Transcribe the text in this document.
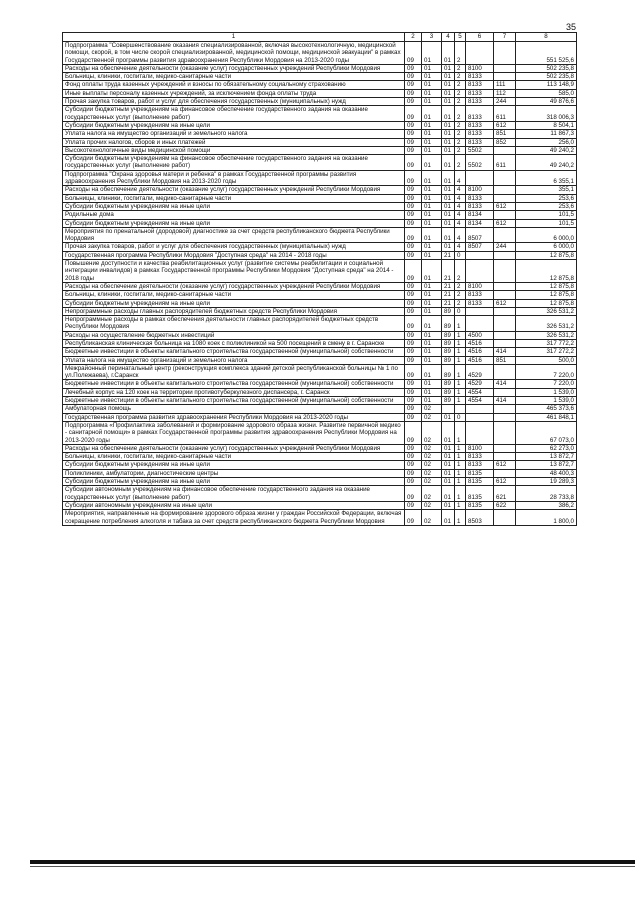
35
1	2	3	4	5	6	7	8
Подпрограмма "Совершенствование оказания специализированной, включая высокотехнологичную, медицинской помощи, скорой, в том числе скорой специализированной, медицинской помощи, медицинской эвакуации" в рамках Государственной программы развития здравоохранения Республики Мордовия на 2013-2020 годы	09	01	01	2			551 525,6
Расходы на обеспечение деятельности (оказание услуг) государственных учреждений Республики Мордовия	09	01	01	2	8100		502 235,8
Больницы, клиники, госпитали, медико-санитарные части	09	01	01	2	8133		502 235,8
Фонд оплаты труда казенных учреждений и взносы по обязательному социальному страхованию	09	01	01	2	8133	111	113 148,9
Иные выплаты персоналу казенных учреждений, за исключением фонда оплаты труда	09	01	01	2	8133	112	585,0
Прочая закупка товаров, работ и услуг для обеспечения государственных (муниципальных) нужд	09	01	01	2	8133	244	49 876,6
Субсидии бюджетным учреждениям на финансовое обеспечение государственного задания на оказание государственных услуг (выполнение работ)	09	01	01	2	8133	611	318 006,3
Субсидии бюджетным учреждениям на иные цели	09	01	01	2	8133	612	8 504,1
Уплата налога на имущество организаций и земельного налога	09	01	01	2	8133	851	11 867,3
Уплата прочих налогов, сборов и иных платежей	09	01	01	2	8133	852	256,0
Высокотехнологичные виды медицинской помощи	09	01	01	2	5502		49 240,2
Субсидии бюджетным учреждениям на финансовое обеспечение государственного задания на оказание государственных услуг (выполнение работ)	09	01	01	2	5502	611	49 240,2
Подпрограмма "Охрана здоровья матери и ребенка" в рамках Государственной программы развития здравоохранения Республики Мордовия на 2013-2020 годы	09	01	01	4			6 355,1
Расходы на обеспечение деятельности (оказание услуг) государственных учреждений Республики Мордовия	09	01	01	4	8100		355,1
Больницы, клиники, госпитали, медико-санитарные части	09	01	01	4	8133		253,6
Субсидии бюджетным учреждениям на иные цели	09	01	01	4	8133	612	253,6
Родильные дома	09	01	01	4	8134		101,5
Субсидии бюджетным учреждениям на иные цели	09	01	01	4	8134	612	101,5
Мероприятия по пренатальной (дородовой) диагностике за счет средств республиканского бюджета Республики Мордовия	09	01	01	4	8507		6 000,0
Прочая закупка товаров, работ и услуг для обеспечения государственных (муниципальных) нужд	09	01	01	4	8507	244	6 000,0
Государственная программа Республики Мордовия "Доступная среда" на 2014 - 2018 годы	09	01	21	0			12 875,8
Повышение доступности и качества реабилитационных услуг (развитие системы реабилитации и социальной интеграции инвалидов) в рамках Государственной программы Республики Мордовия "Доступная среда" на 2014 - 2018 годы	09	01	21	2			12 875,8
Расходы на обеспечение деятельности (оказание услуг) государственных учреждений Республики Мордовия	09	01	21	2	8100		12 875,8
Больницы, клиники, госпитали, медико-санитарные части	09	01	21	2	8133		12 875,8
Субсидии бюджетным учреждениям на иные цели	09	01	21	2	8133	612	12 875,8
Непрограммные расходы главных распорядителей бюджетных средств Республики Мордовия	09	01	89	0			326 531,2
Непрограммные расходы в рамках обеспечения деятельности главных распорядителей бюджетных средств Республики Мордовия	09	01	89	1			326 531,2
Расходы на осуществление бюджетных инвестиций	09	01	89	1	4500		326 531,2
Республиканская клиническая больница на 1080 коек с поликлиникой на 500 посещений в смену в г. Саранске	09	01	89	1	4516		317 772,2
Бюджетные инвестиции в объекты капитального строительства государственной (муниципальной) собственности	09	01	89	1	4516	414	317 272,2
Уплата налога на имущество организаций и земельного налога	09	01	89	1	4516	851	500,0
Межрайонный перинатальный центр (реконструкция комплекса зданий детской республиканской больницы № 1 по ул.Полежаева), г.Саранск	09	01	89	1	4529		7 220,0
Бюджетные инвестиции в объекты капитального строительства государственной (муниципальной) собственности	09	01	89	1	4529	414	7 220,0
Лечебный корпус на 120 коек на территории противотуберкулезного диспансера, г. Саранск	09	01	89	1	4554		1 539,0
Бюджетные инвестиции в объекты капитального строительства государственной (муниципальной) собственности	09	01	89	1	4554	414	1 539,0
Амбулаторная помощь	09	02					465 373,6
Государственная программа развития здравоохранения Республики Мордовия на 2013-2020 годы	09	02	01	0			461 848,1
Подпрограмма «Профилактика заболеваний и формирование здорового образа жизни. Развитие первичной медико - санитарной помощи» в рамках Государственной программы развития здравоохранения Республики Мордовия на 2013-2020 годы	09	02	01	1			67 073,0
Расходы на обеспечение деятельности (оказание услуг) государственных учреждений Республики Мордовия	09	02	01	1	8100		62 273,0
Больницы, клиники, госпитали, медико-санитарные части	09	02	01	1	8133		13 872,7
Субсидии бюджетным учреждениям на иные цели	09	02	01	1	8133	612	13 872,7
Поликлиники, амбулатории, диагностические центры	09	02	01	1	8135		48 400,3
Субсидии бюджетным учреждениям на иные цели	09	02	01	1	8135	612	19 289,3
Субсидии автономным учреждениям на финансовое обеспечение государственного задания на оказание государственных услуг (выполнение работ)	09	02	01	1	8135	621	28 733,8
Субсидии автономным учреждениям на иные цели	09	02	01	1	8135	622	386,2
Мероприятия, направленные на формирование здорового образа жизни у граждан Российской Федерации, включая сокращение потребления алкоголя и табака за счет средств республиканского бюджета Республики Мордовия	09	02	01	1	8503		1 800,0
